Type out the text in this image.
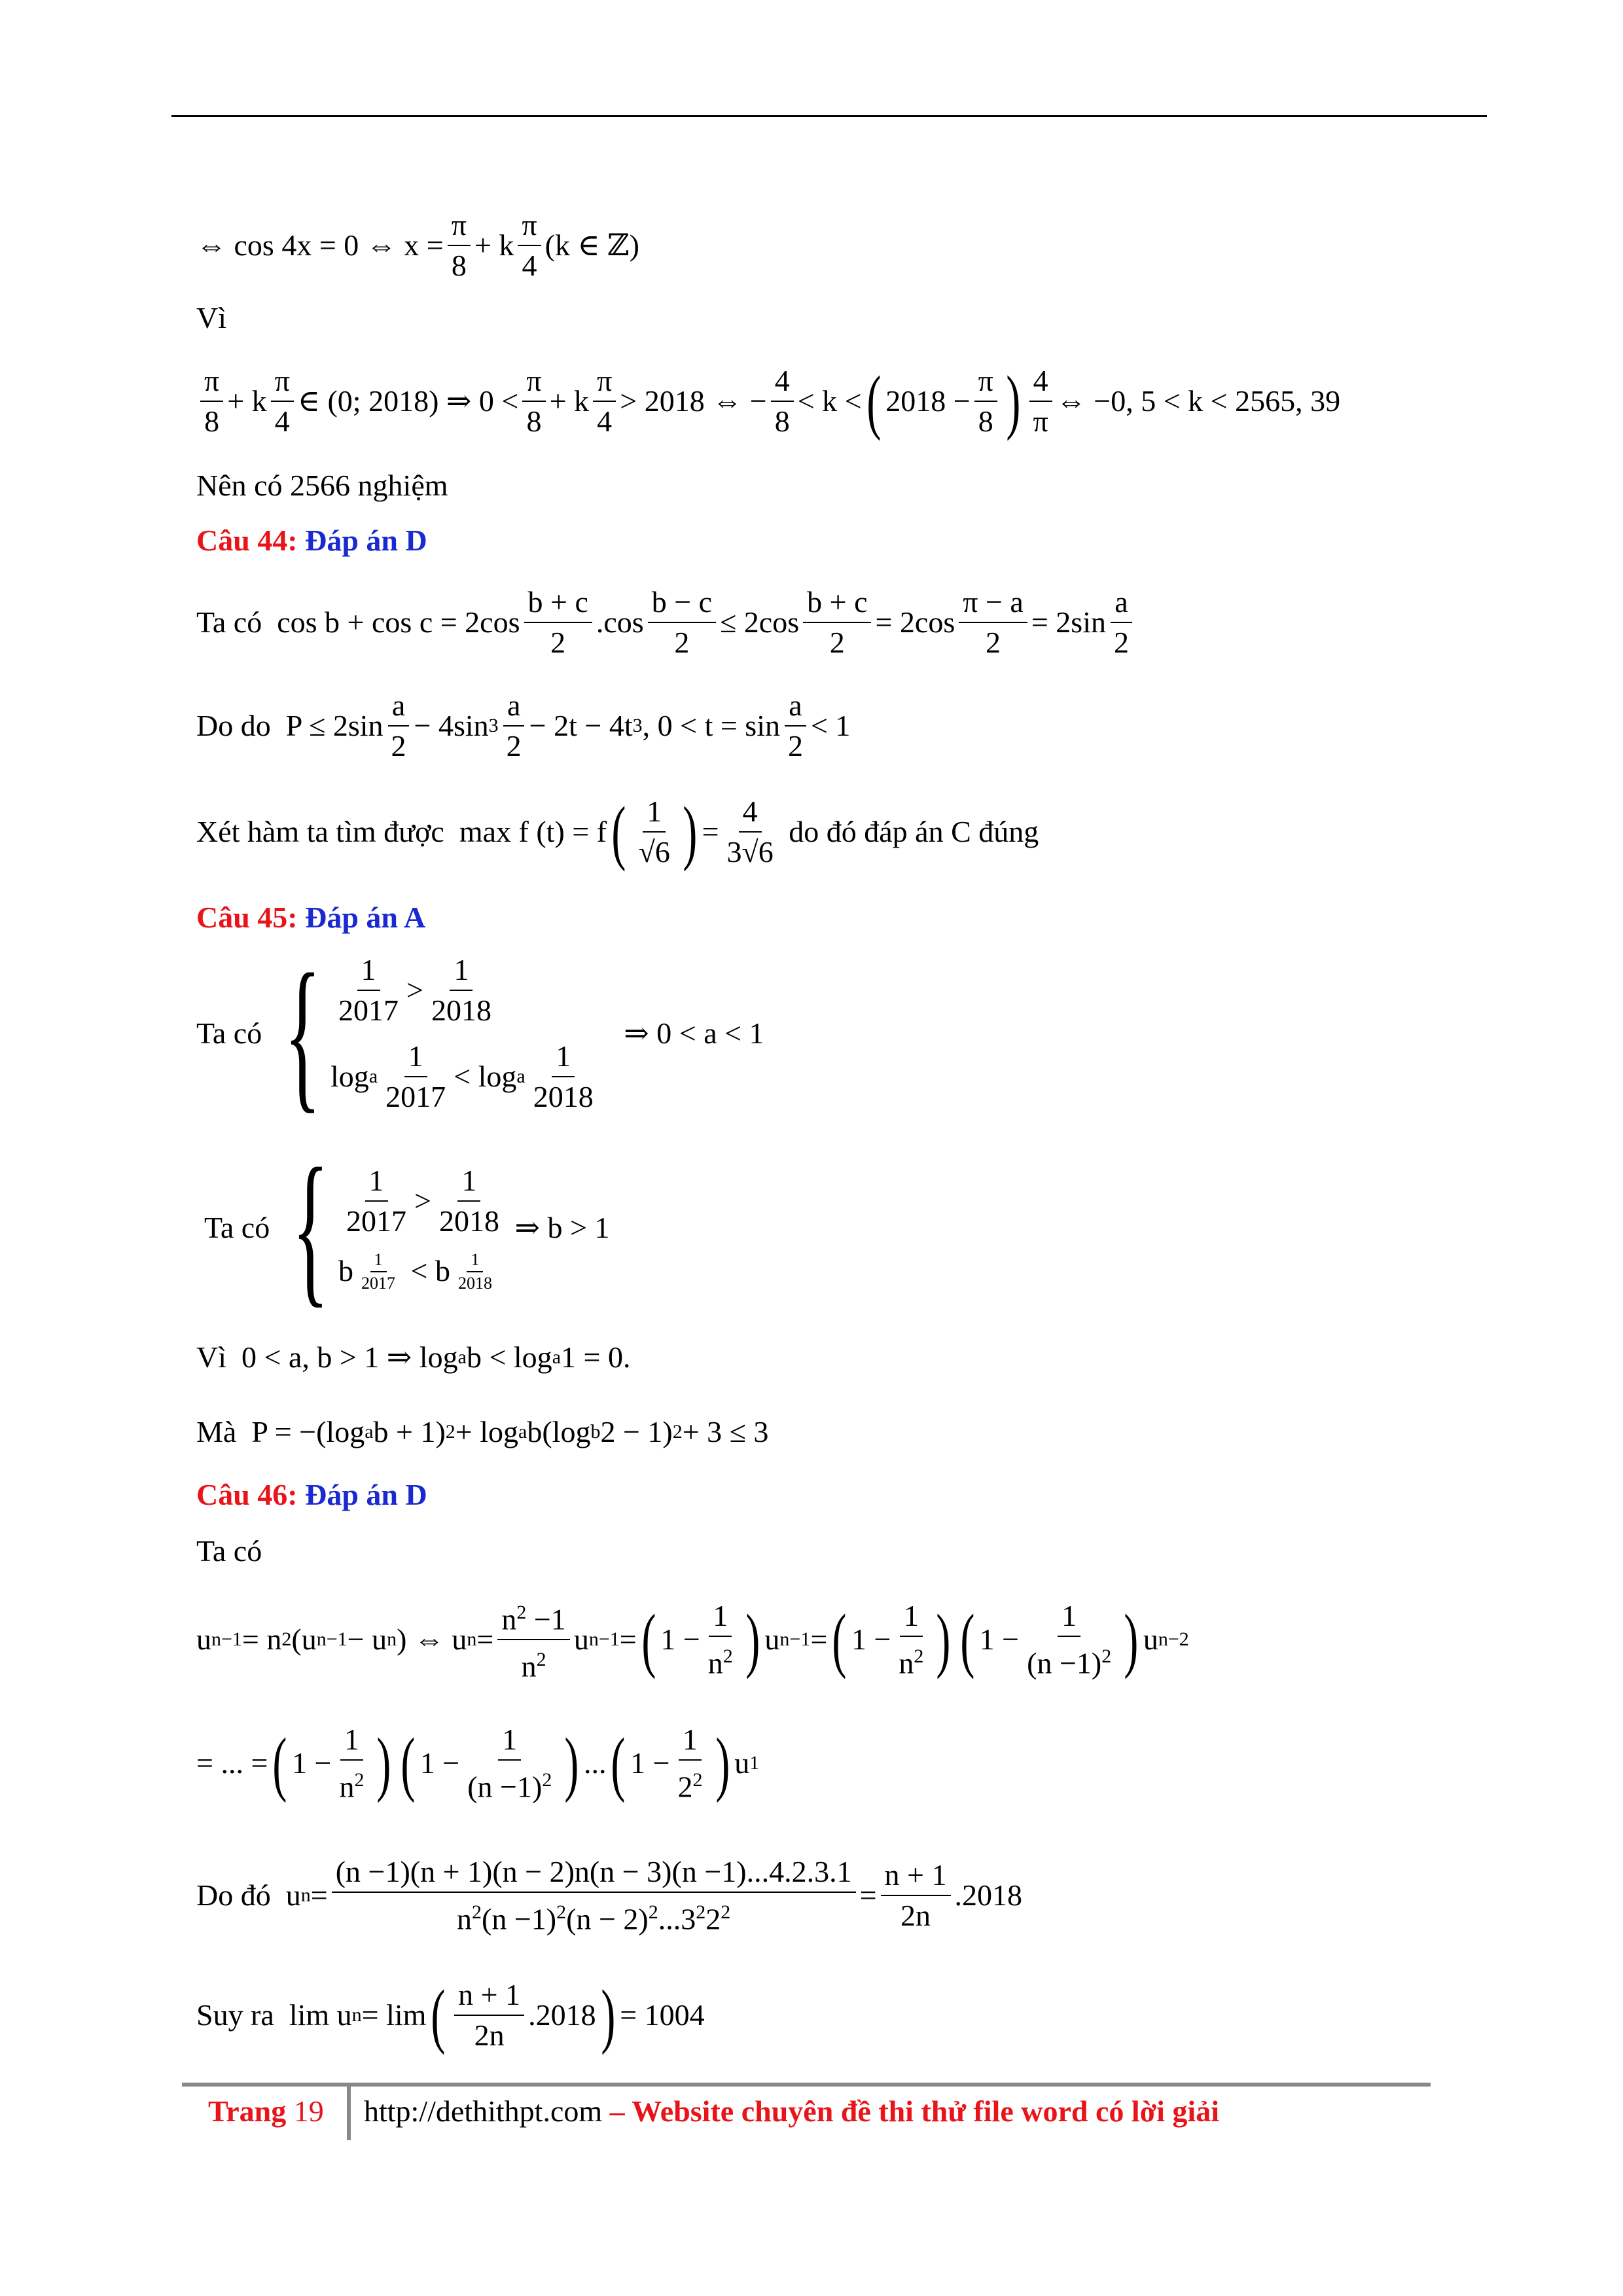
⇔ cos 4x = 0 ⇔ $x = \frac{\pi}{8} + k \frac{\pi}{4} (k$ ∈ ℤ)
Vì
$\frac{\pi}{8} + k \frac{\pi}{4}$ ∈ (0; 2018) ⇒ $0 < \frac{\pi}{8} + k \frac{\pi}{4} > 2018$ ⇔ − $\frac{4}{8} < k$ < ( $2018 - \frac{\pi}{8}$ ) $\frac{4}{\pi}$ ⇔ −0, 5 < k < 2565, 39
Nên có 2566 nghiệm
Câu 44: Đáp án D
Ta có $\cos b + \cos c = 2\cos \frac{b + c}{2} .\cos \frac{b - c}{2} \le 2\cos \frac{b + c}{2} = 2\cos \frac{\pi - a}{2} = 2\sin \frac{a}{2}$
Do do $P \le 2\sin \frac{a}{2} - 4\sin$ $3 \frac{a}{2} - 2t - 4t$ 3 , $0 < t = \sin \frac{a}{2} < 1$
Xét hàm ta tìm được max f (t) = f ( $\frac{1}{√6}$ ) = $\frac{4}{3√6}$
do đó đáp án C đúng
Câu 45: Đáp án A
Ta có { $\frac{1}{2017} > \frac{1}{2018}$
log a $\frac{1}{2017} < \log a \frac{1}{2018}$

⇒ 0 < a < 1
Ta có { $\frac{1}{2017} > \frac{1}{2018}$
b $\frac{1}{2017} < b \frac{1}{2018}$

⇒ b > 1
Vì 0 < a, b > 1 ⇒ log a b < log a 1 = 0.
Mà P = −(log a b + 1) 2 + log a b(log b 2 − 1) 2 + 3 ≤ 3
Câu 46: Đáp án D
Ta có
u n−1 = n 2 (u n−1 − u n ) ⇔ u $n = \frac{n^2 -1}{n^2}$ u n−1 = ( $1 - \frac{1}{n^2}$ ) u n−1 = ( $1 - \frac{1}{n^2}$ ) ( $1 - \frac{1}{(n -1)^2}$ ) u n−2
= ... = ( $1 - \frac{1}{n^2}$ ) ( $1 - \frac{1}{(n -1)^2}$ ) ... ( $1 - \frac{1}{2^2}$ ) u 1
Do đó u $n = \frac{(n -1)(n + 1)(n - 2)n(n - 3)(n -1)...4.2.3.1}{n^2(n -1)^2(n - 2)^2...3^22^2} = \frac{n + 1}{2n} .2018$
Suy ra lim u n = lim ( $\frac{n + 1}{2n} .2018$ ) = 1004
Trang 19 http://dethithpt.com – Website chuyên đề thi thử file word có lời giải
